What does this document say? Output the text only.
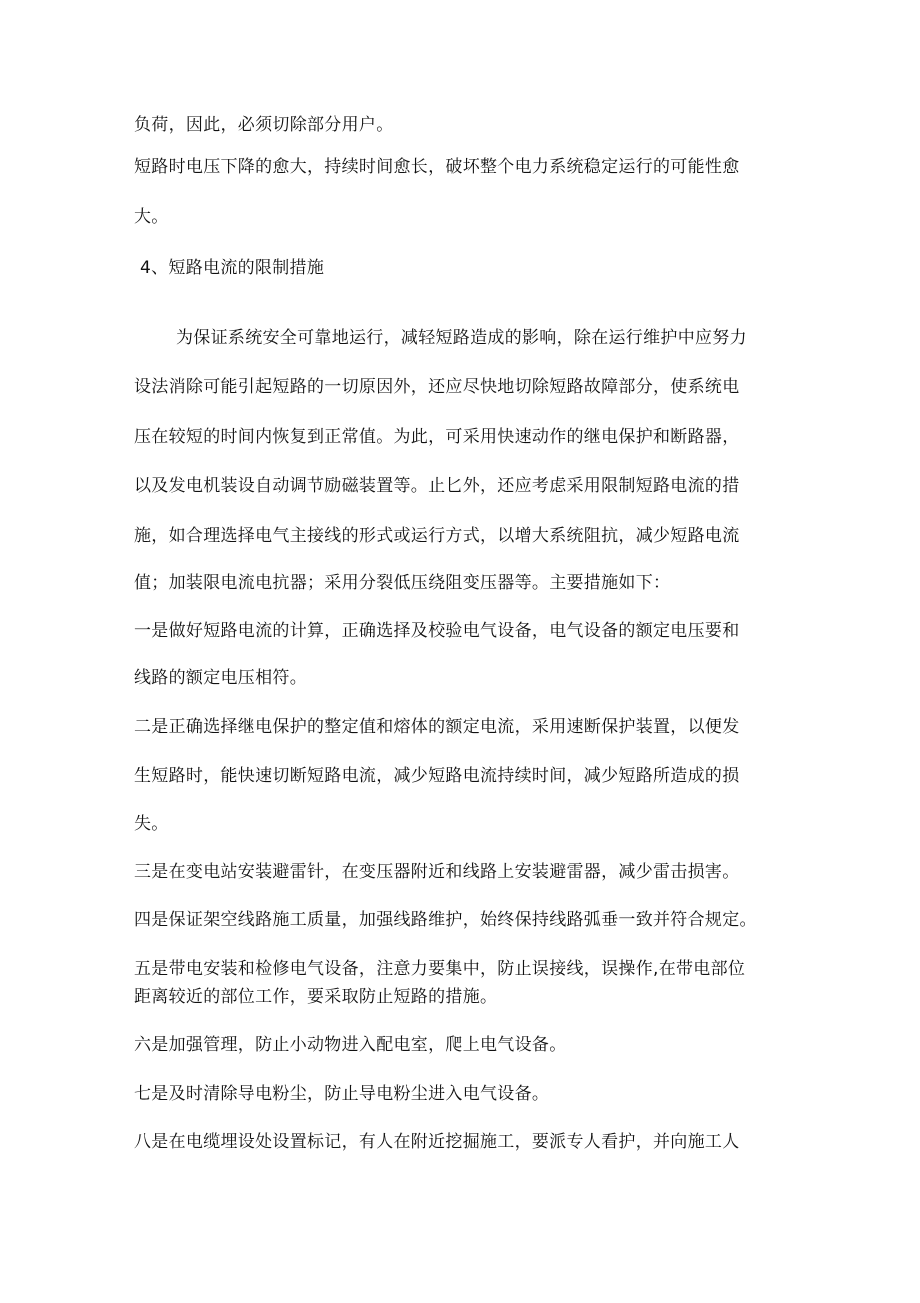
负荷，因此，必须切除部分用户。
短路时电压下降的愈大，持续时间愈长，破坏整个电力系统稳定运行的可能性愈
大。
4、短路电流的限制措施
为保证系统安全可靠地运行，减轻短路造成的影响，除在运行维护中应努力
设法消除可能引起短路的一切原因外，还应尽快地切除短路故障部分，使系统电
压在较短的时间内恢复到正常值。为此，可采用快速动作的继电保护和断路器，
以及发电机装设自动调节励磁装置等。止匕外，还应考虑采用限制短路电流的措
施，如合理选择电气主接线的形式或运行方式，以增大系统阻抗，减少短路电流
值；加装限电流电抗器；采用分裂低压绕阻变压器等。主要措施如下：
一是做好短路电流的计算，正确选择及校验电气设备，电气设备的额定电压要和
线路的额定电压相符。
二是正确选择继电保护的整定值和熔体的额定电流，采用速断保护装置，以便发
生短路时，能快速切断短路电流，减少短路电流持续时间，减少短路所造成的损
失。
三是在变电站安装避雷针，在变压器附近和线路上安装避雷器，减少雷击损害。
四是保证架空线路施工质量，加强线路维护，始终保持线路弧垂一致并符合规定。
五是带电安装和检修电气设备，注意力要集中，防止误接线，误操作,在带电部位
距离较近的部位工作，要采取防止短路的措施。
六是加强管理，防止小动物进入配电室，爬上电气设备。
七是及时清除导电粉尘，防止导电粉尘进入电气设备。
八是在电缆埋设处设置标记，有人在附近挖掘施工，要派专人看护，并向施工人
